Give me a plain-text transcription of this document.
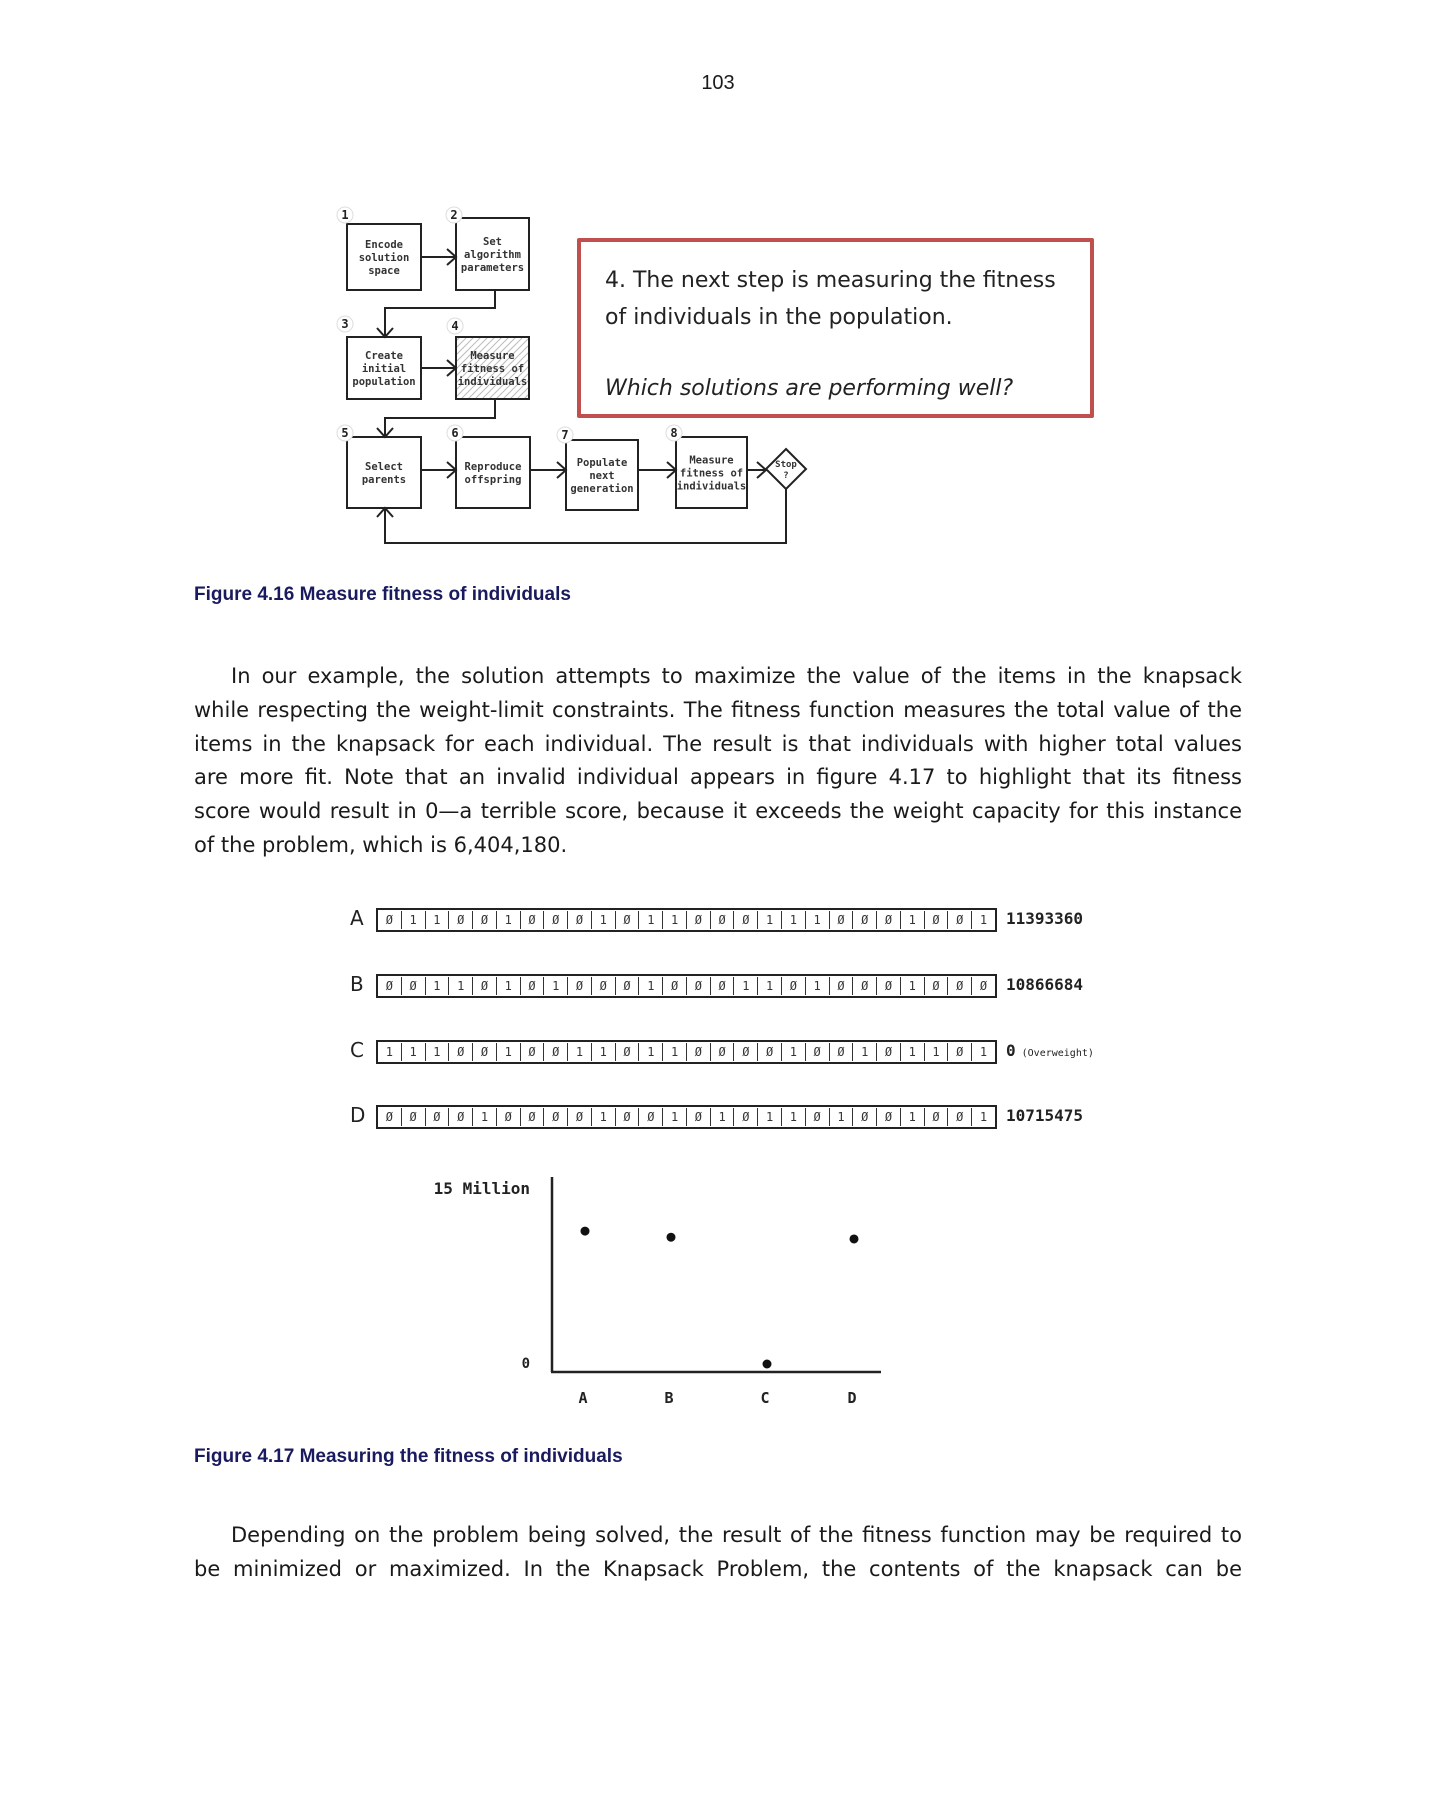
103
1
Encode
solution
space
2
Set
algorithm
parameters
3
Create
initial
population
4
Measure
fitness of
individuals
5
Select
parents
6
Reproduce
offspring
7
Populate
next
generation
8
Measure
fitness of
individuals
Stop
?
4. The next step is measuring the fitness
of individuals in the population.
Which solutions are performing well?
Figure 4.16 Measure fitness of individuals
In our example, the solution attempts to maximize the value of the items in the knapsack
while respecting the weight-limit constraints. The fitness function measures the total value of the
items in the knapsack for each individual. The result is that individuals with higher total values
are more fit. Note that an invalid individual appears in figure 4.17 to highlight that its fitness
score would result in 0—a terrible score, because it exceeds the weight capacity for this instance
of the problem, which is 6,404,180.
A	Ø	1	1	Ø	Ø	1	Ø	Ø	Ø	1	Ø	1	1	Ø	Ø	Ø	1	1	1	Ø	Ø	Ø	1	Ø	Ø	1	11393360
B	Ø	Ø	1	1	Ø	1	Ø	1	Ø	Ø	Ø	1	Ø	Ø	Ø	1	1	Ø	1	Ø	Ø	Ø	1	Ø	Ø	Ø	10866684
C	1	1	1	Ø	Ø	1	Ø	Ø	1	1	Ø	1	1	Ø	Ø	Ø	Ø	1	Ø	Ø	1	Ø	1	1	Ø	1	0 (Overweight)
D	Ø	Ø	Ø	Ø	1	Ø	Ø	Ø	Ø	1	Ø	Ø	1	Ø	1	Ø	1	1	Ø	1	Ø	Ø	1	Ø	Ø	1	10715475
15 Million
0
A	B	C	D
Figure 4.17 Measuring the fitness of individuals
Depending on the problem being solved, the result of the fitness function may be required to
be minimized or maximized. In the Knapsack Problem, the contents of the knapsack can be
